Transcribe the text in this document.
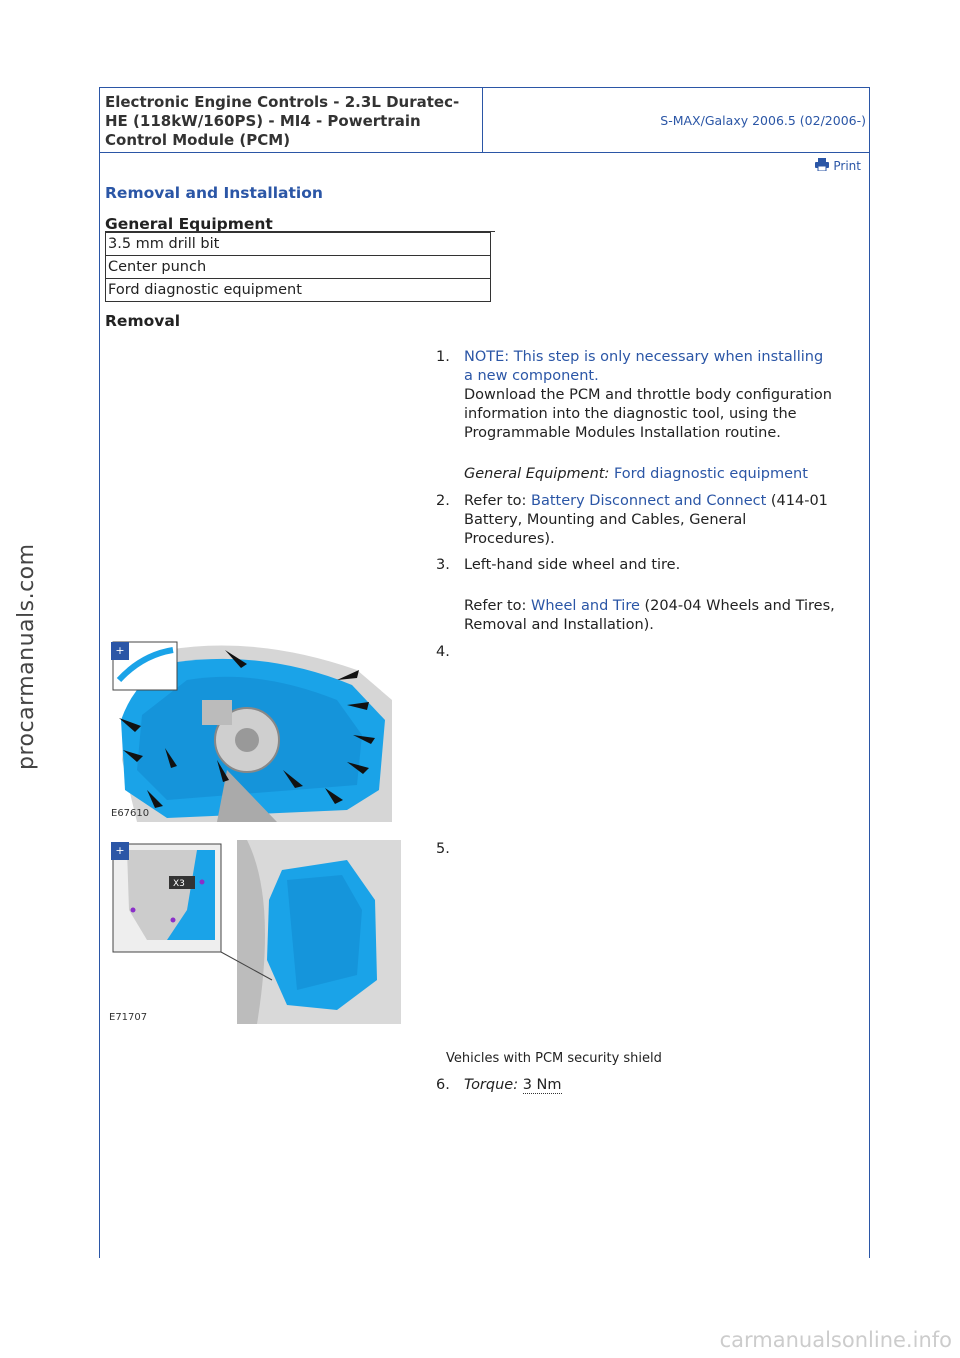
Electronic Engine Controls - 2.3L Duratec-HE (118kW/160PS) - MI4 - Powertrain Control Module (PCM)
S-MAX/Galaxy 2006.5 (02/2006-)
Print
Removal and Installation
General Equipment
3.5 mm drill bit
Center punch
Ford diagnostic equipment
Removal
1. NOTE: This step is only necessary when installing a new component.
Download the PCM and throttle body configuration information into the diagnostic tool, using the Programmable Modules Installation routine.
General Equipment: Ford diagnostic equipment
2. Refer to: Battery Disconnect and Connect (414-01 Battery, Mounting and Cables, General Procedures).
3. Left-hand side wheel and tire.
Refer to: Wheel and Tire (204-04 Wheels and Tires, Removal and Installation).
4.
E67610
+
5.
X3
E71707
+
Vehicles with PCM security shield
6. Torque: 3 Nm
procarmanuals.com
carmanualsonline.info
